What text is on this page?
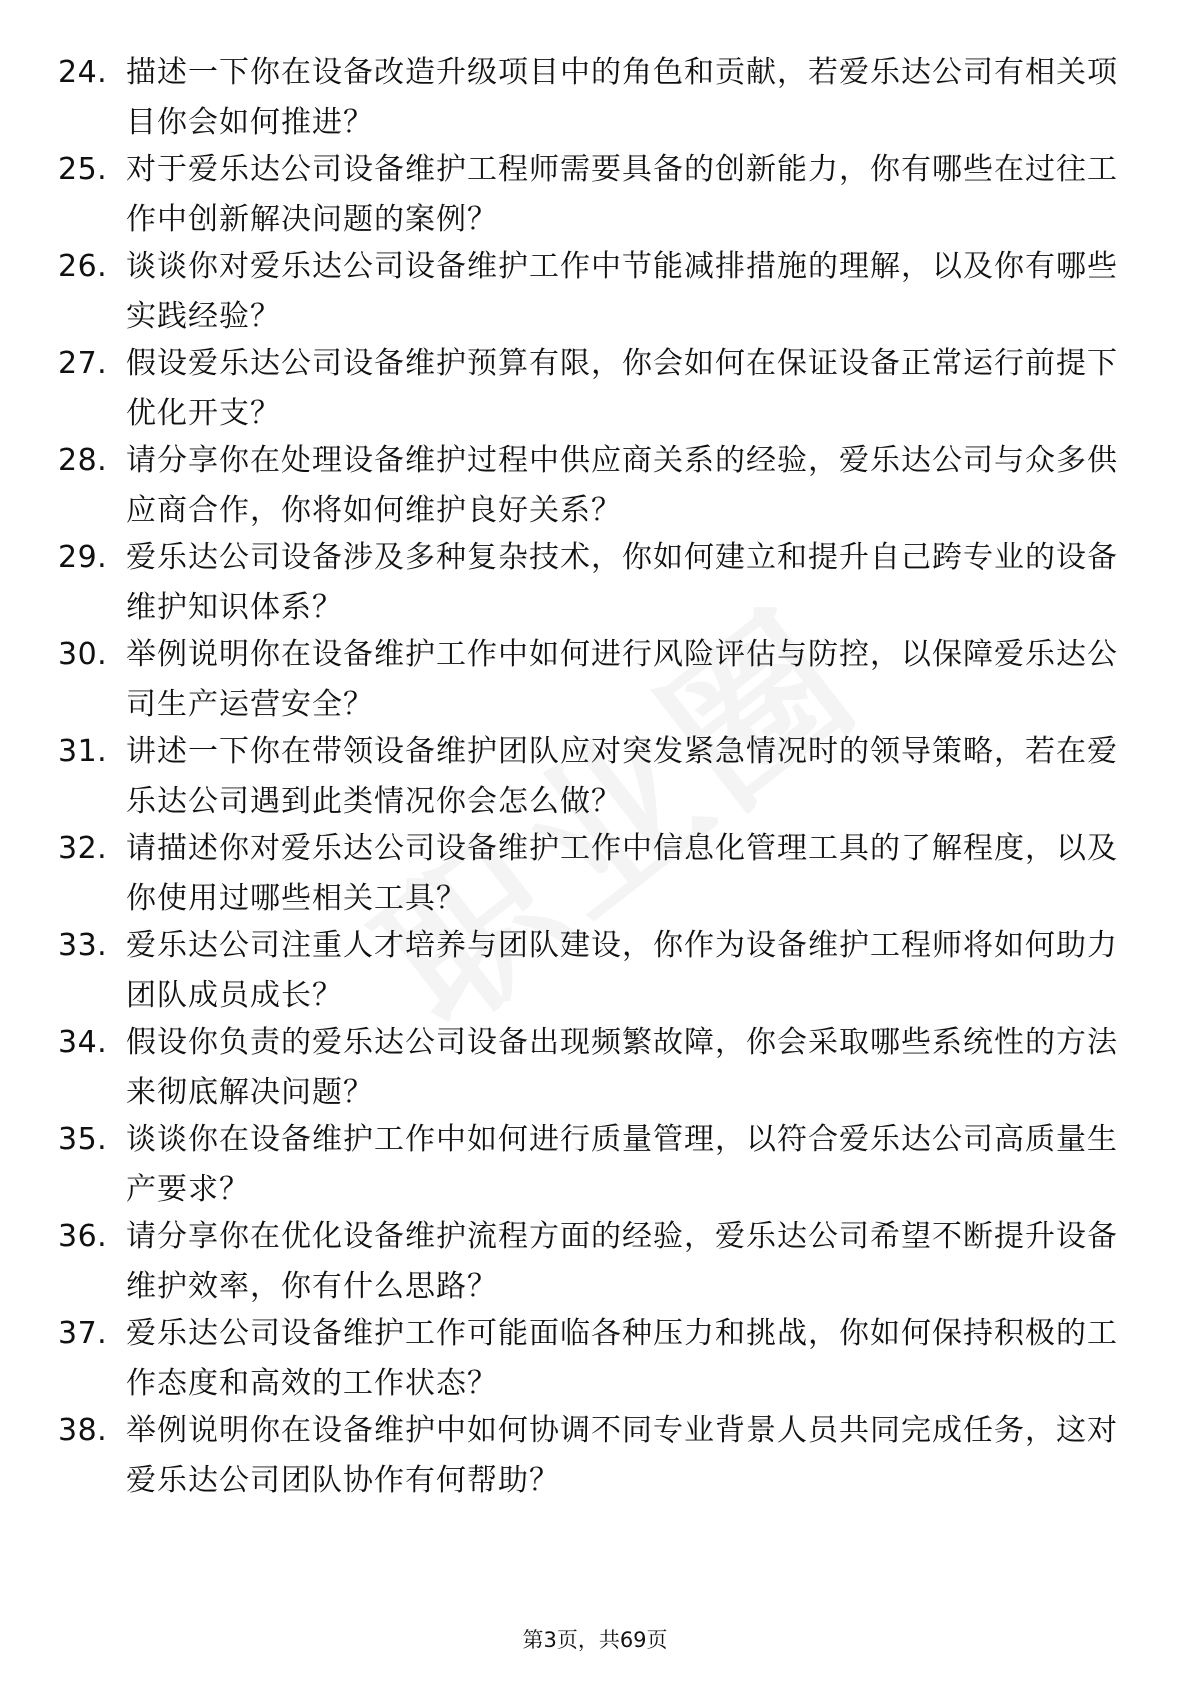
24. 描述一下你在设备改造升级项目中的角色和贡献，若爱乐达公司有相关项目你会如何推进？
25. 对于爱乐达公司设备维护工程师需要具备的创新能力，你有哪些在过往工作中创新解决问题的案例？
26. 谈谈你对爱乐达公司设备维护工作中节能减排措施的理解，以及你有哪些实践经验？
27. 假设爱乐达公司设备维护预算有限，你会如何在保证设备正常运行前提下优化开支？
28. 请分享你在处理设备维护过程中供应商关系的经验，爱乐达公司与众多供应商合作，你将如何维护良好关系？
29. 爱乐达公司设备涉及多种复杂技术，你如何建立和提升自己跨专业的设备维护知识体系？
30. 举例说明你在设备维护工作中如何进行风险评估与防控，以保障爱乐达公司生产运营安全？
31. 讲述一下你在带领设备维护团队应对突发紧急情况时的领导策略，若在爱乐达公司遇到此类情况你会怎么做？
32. 请描述你对爱乐达公司设备维护工作中信息化管理工具的了解程度，以及你使用过哪些相关工具？
33. 爱乐达公司注重人才培养与团队建设，你作为设备维护工程师将如何助力团队成员成长？
34. 假设你负责的爱乐达公司设备出现频繁故障，你会采取哪些系统性的方法来彻底解决问题？
35. 谈谈你在设备维护工作中如何进行质量管理，以符合爱乐达公司高质量生产要求？
36. 请分享你在优化设备维护流程方面的经验，爱乐达公司希望不断提升设备维护效率，你有什么思路？
37. 爱乐达公司设备维护工作可能面临各种压力和挑战，你如何保持积极的工作态度和高效的工作状态？
38. 举例说明你在设备维护中如何协调不同专业背景人员共同完成任务，这对爱乐达公司团队协作有何帮助？
第3页，共69页
